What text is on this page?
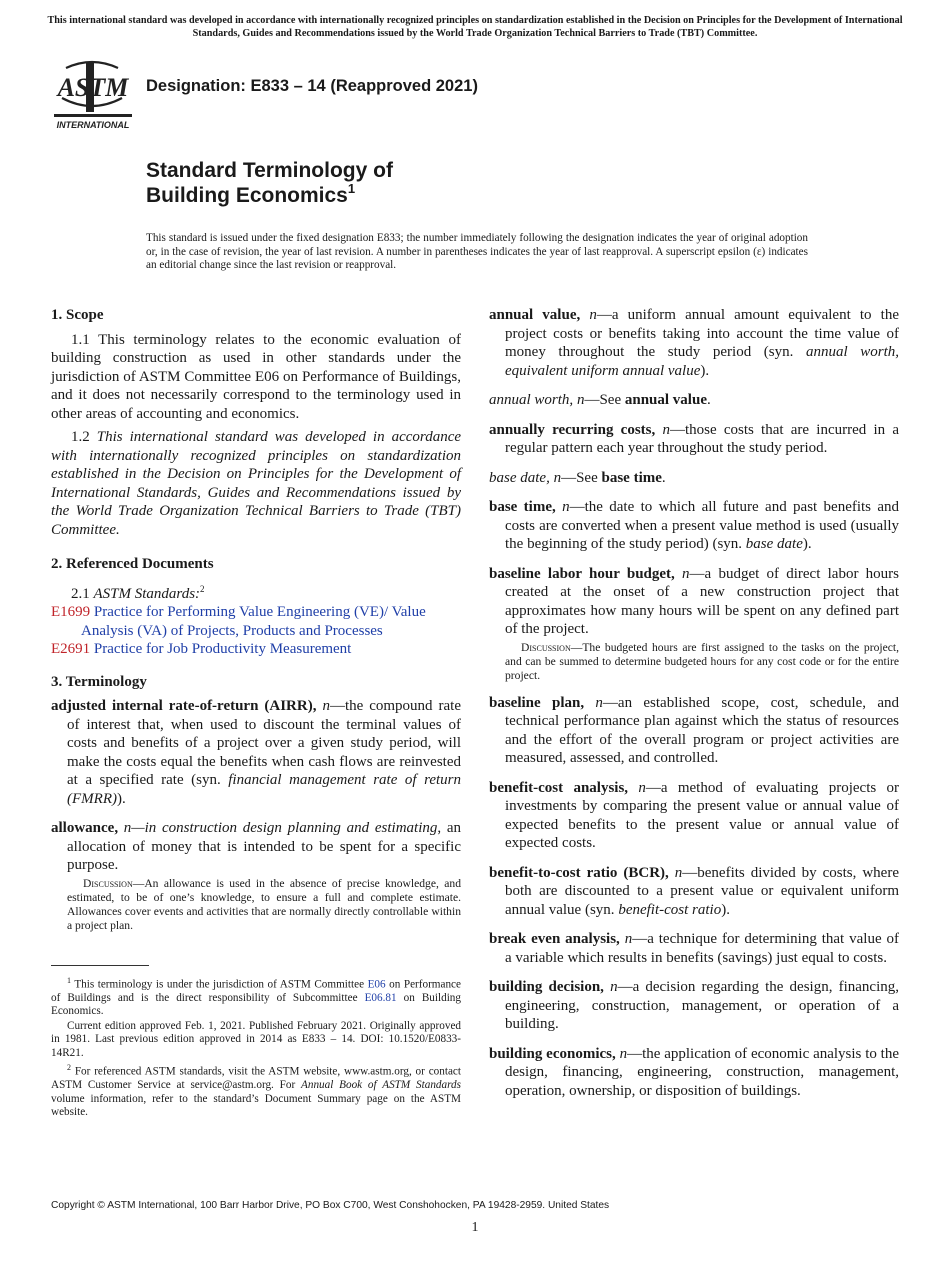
This international standard was developed in accordance with internationally recognized principles on standardization established in the Decision on Principles for the Development of International Standards, Guides and Recommendations issued by the World Trade Organization Technical Barriers to Trade (TBT) Committee.
ASTM
INTERNATIONAL
Designation: E833 – 14 (Reapproved 2021)
Standard Terminology of
Building Economics$^1$

This standard is issued under the fixed designation E833; the number immediately following the designation indicates the year of original adoption or, in the case of revision, the year of last revision. A number in parentheses indicates the year of last reapproval. A superscript epsilon (ε) indicates an editorial change since the last revision or reapproval.

1. Scope

1.1 This terminology relates to the economic evaluation of building construction as used in other standards under the jurisdiction of ASTM Committee E06 on Performance of Buildings, and it does not necessarily correspond to the terminology used in other areas of accounting and economics.

1.2 This international standard was developed in accordance with internationally recognized principles on standardization established in the Decision on Principles for the Development of International Standards, Guides and Recommendations issued by the World Trade Organization Technical Barriers to Trade (TBT) Committee.

2. Referenced Documents

2.1 ASTM Standards:$^2$

E1699 Practice for Performing Value Engineering (VE)/ Value Analysis (VA) of Projects, Products and Processes

E2691 Practice for Job Productivity Measurement

3. Terminology

adjusted internal rate-of-return (AIRR), n—the compound rate of interest that, when used to discount the terminal values of costs and benefits of a project over a given study period, will make the costs equal the benefits when cash flows are reinvested at a specified rate (syn. financial management rate of return (FMRR)).

allowance, n—in construction design planning and estimating, an allocation of money that is intended to be spent for a specific purpose.

Discussion—An allowance is used in the absence of precise knowledge, and estimated, to be of one’s knowledge, to ensure a full and complete estimate. Allowances cover events and activities that are normally directly controllable within a project plan.

$^1$ This terminology is under the jurisdiction of ASTM Committee E06 on Performance of Buildings and is the direct responsibility of Subcommittee E06.81 on Building Economics.

Current edition approved Feb. 1, 2021. Published February 2021. Originally approved in 1981. Last previous edition approved in 2014 as E833 – 14. DOI: 10.1520/E0833-14R21.

$^2$ For referenced ASTM standards, visit the ASTM website, www.astm.org, or contact ASTM Customer Service at service@astm.org. For Annual Book of ASTM Standards volume information, refer to the standard’s Document Summary page on the ASTM website.

annual value, n—a uniform annual amount equivalent to the project costs or benefits taking into account the time value of money throughout the study period (syn. annual worth, equivalent uniform annual value).

annual worth, n—See annual value.

annually recurring costs, n—those costs that are incurred in a regular pattern each year throughout the study period.

base date, n—See base time.

base time, n—the date to which all future and past benefits and costs are converted when a present value method is used (usually the beginning of the study period) (syn. base date).

baseline labor hour budget, n—a budget of direct labor hours created at the onset of a new construction project that approximates how many hours will be spent on any defined part of the project.

Discussion—The budgeted hours are first assigned to the tasks on the project, and can be summed to determine budgeted hours for any cost code or for the entire project.

baseline plan, n—an established scope, cost, schedule, and technical performance plan against which the status of resources and the effort of the overall program or project activities are measured, assessed, and controlled.

benefit-cost analysis, n—a method of evaluating projects or investments by comparing the present value or annual value of expected benefits to the present value or annual value of expected costs.

benefit-to-cost ratio (BCR), n—benefits divided by costs, where both are discounted to a present value or equivalent uniform annual value (syn. benefit-cost ratio).

break even analysis, n—a technique for determining that value of a variable which results in benefits (savings) just equal to costs.

building decision, n—a decision regarding the design, financing, engineering, construction, management, or operation of a building.

building economics, n—the application of economic analysis to the design, financing, engineering, construction, management, operation, ownership, or disposition of buildings.

Copyright © ASTM International, 100 Barr Harbor Drive, PO Box C700, West Conshohocken, PA 19428-2959. United States
1
